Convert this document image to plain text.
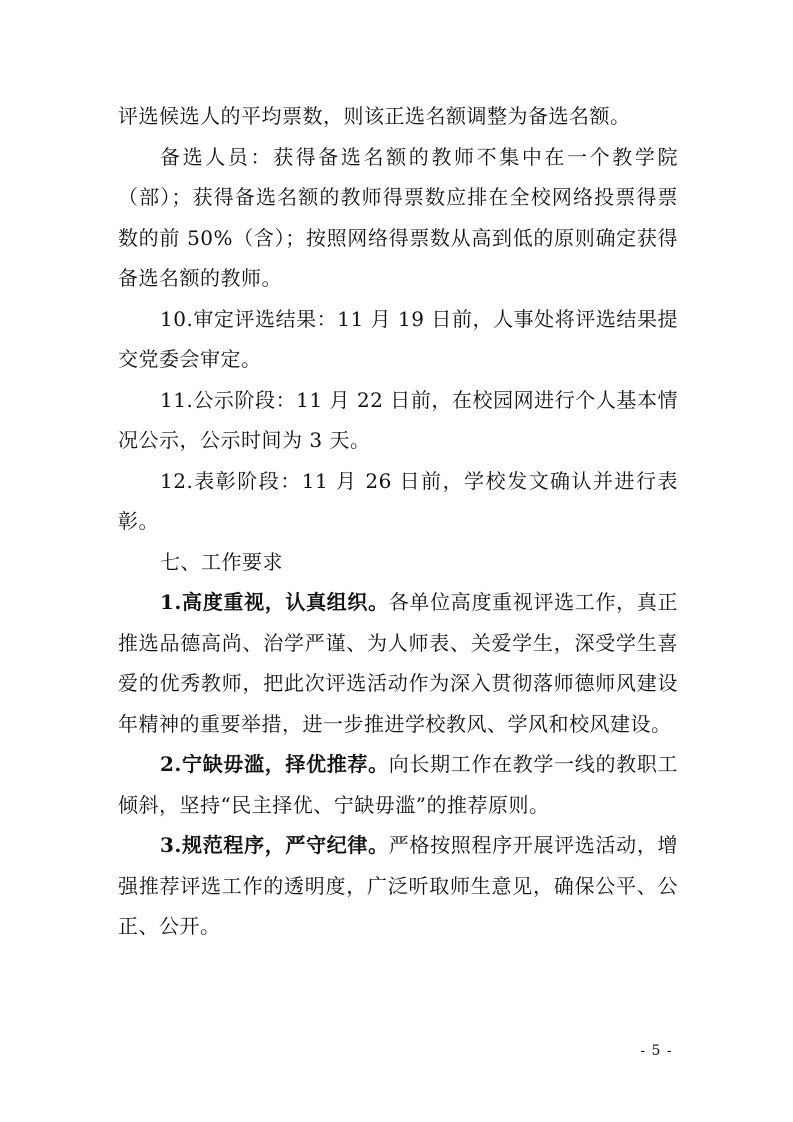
评选候选人的平均票数，则该正选名额调整为备选名额。

备选人员：获得备选名额的教师不集中在一个教学院（部）；获得备选名额的教师得票数应排在全校网络投票得票数的前 50%（含）；按照网络得票数从高到低的原则确定获得备选名额的教师。

10.审定评选结果：11 月 19 日前，人事处将评选结果提交党委会审定。

11.公示阶段：11 月 22 日前，在校园网进行个人基本情况公示，公示时间为 3 天。

12.表彰阶段：11 月 26 日前，学校发文确认并进行表彰。

七、工作要求

1.高度重视，认真组织。各单位高度重视评选工作，真正推选品德高尚、治学严谨、为人师表、关爱学生，深受学生喜爱的优秀教师，把此次评选活动作为深入贯彻落师德师风建设年精神的重要举措，进一步推进学校教风、学风和校风建设。

2.宁缺毋滥，择优推荐。向长期工作在教学一线的教职工倾斜，坚持“民主择优、宁缺毋滥”的推荐原则。

3.规范程序，严守纪律。严格按照程序开展评选活动，增强推荐评选工作的透明度，广泛听取师生意见，确保公平、公正、公开。

- 5 -
